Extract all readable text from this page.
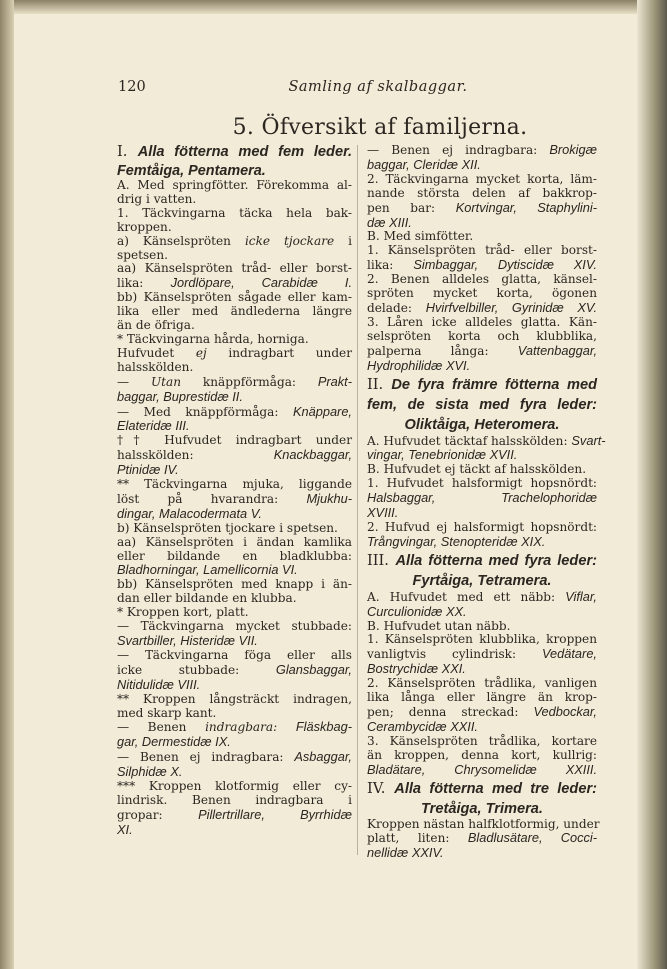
120	Samling af skalbaggar.
5. Öfversikt af familjerna.
I. Alla fötterna med fem leder.
Femtåiga, Pentamera.
A. Med springfötter. Förekomma al-
drig i vatten.
1. Täckvingarna täcka hela bak-
kroppen.
a) Känselspröten icke tjockare i
spetsen.
aa) Känselspröten tråd- eller borst-
lika: Jordlöpare, Carabidæ I.
bb) Känselspröten sågade eller kam-
lika eller med ändlederna längre
än de öfriga.
* Täckvingarna hårda, horniga.
Hufvudet ej indragbart under
halsskölden.
— Utan knäppförmåga: Prakt-
baggar, Buprestidæ II.
— Med knäppförmåga: Knäppare,
Elateridæ III.
†† Hufvudet indragbart under
halsskölden: Knackbaggar,
Ptinidæ IV.
** Täckvingarna mjuka, liggande
löst på hvarandra: Mjukhu-
dingar, Malacodermata V.
b) Känselspröten tjockare i spetsen.
aa) Känselspröten i ändan kamlika
eller bildande en bladklubba:
Bladhorningar, Lamellicornia VI.
bb) Känselspröten med knapp i än-
dan eller bildande en klubba.
* Kroppen kort, platt.
— Täckvingarna mycket stubbade:
Svartbiller, Histeridæ VII.
— Täckvingarna föga eller alls
icke stubbade: Glansbaggar,
Nitidulidæ VIII.
** Kroppen långsträckt indragen,
med skarp kant.
— Benen indragbara: Fläskbag-
gar, Dermestidæ IX.
— Benen ej indragbara: Asbaggar,
Silphidæ X.
*** Kroppen klotformig eller cy-
lindrisk. Benen indragbara i
gropar: Pillertrillare, Byrrhidæ
XI.
— Benen ej indragbara: Brokigæ
baggar, Cleridæ XII.
2. Täckvingarna mycket korta, läm-
nande största delen af bakkrop-
pen bar: Kortvingar, Staphylini-
dæ XIII.
B. Med simfötter.
1. Känselspröten tråd- eller borst-
lika: Simbaggar, Dytiscidæ XIV.
2. Benen alldeles glatta, känsel-
spröten mycket korta, ögonen
delade: Hvirfvelbiller, Gyrinidæ XV.
3. Låren icke alldeles glatta. Kän-
selspröten korta och klubblika,
palperna långa: Vattenbaggar,
Hydrophilidæ XVI.
II. De fyra främre fötterna med
fem, de sista med fyra leder:
Oliktåiga, Heteromera.
A. Hufvudet täcktaf halsskölden: Svart-
vingar, Tenebrionidæ XVII.
B. Hufvudet ej täckt af halsskölden.
1. Hufvudet halsformigt hopsnördt:
Halsbaggar, Trachelophoridæ
XVIII.
2. Hufvud ej halsformigt hopsnördt:
Trångvingar, Stenopteridæ XIX.
III. Alla fötterna med fyra leder:
Fyrtåiga, Tetramera.
A. Hufvudet med ett näbb: Viflar,
Curculionidæ XX.
B. Hufvudet utan näbb.
1. Känselspröten klubblika, kroppen
vanligtvis cylindrisk: Vedätare,
Bostrychidæ XXI.
2. Känselspröten trådlika, vanligen
lika långa eller längre än krop-
pen; denna streckad: Vedbockar,
Cerambycidæ XXII.
3. Känselspröten trådlika, kortare
än kroppen, denna kort, kullrig:
Bladätare, Chrysomelidæ XXIII.
IV. Alla fötterna med tre leder:
Tretåiga, Trimera.
Kroppen nästan halfklotformig, under
platt, liten: Bladlusätare, Cocci-
nellidæ XXIV.
